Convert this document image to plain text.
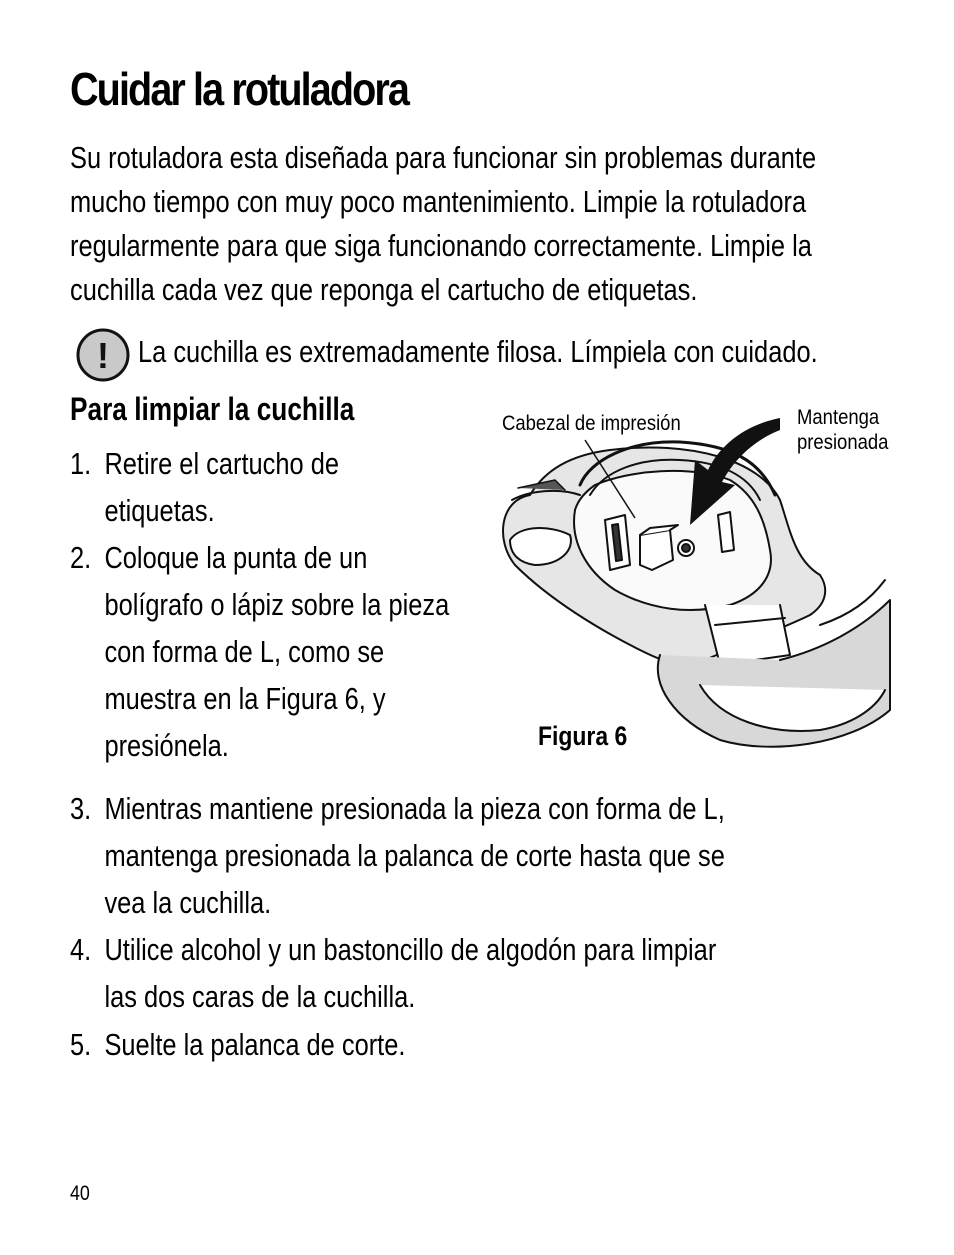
Cuidar la rotuladora
Su rotuladora esta diseñada para funcionar sin problemas durante
mucho tiempo con muy poco mantenimiento. Limpie la rotuladora
regularmente para que siga funcionando correctamente. Limpie la
cuchilla cada vez que reponga el cartucho de etiquetas.
! La cuchilla es extremadamente filosa. Límpiela con cuidado.
Para limpiar la cuchilla
1. Retire el cartucho de
etiquetas.
2. Coloque la punta de un
bolígrafo o lápiz sobre la pieza
con forma de L, como se
muestra en la Figura 6, y
presiónela.
3. Mientras mantiene presionada la pieza con forma de L,
mantenga presionada la palanca de corte hasta que se
vea la cuchilla.
4. Utilice alcohol y un bastoncillo de algodón para limpiar
las dos caras de la cuchilla.
5. Suelte la palanca de corte.
Cabezal de impresión	Mantenga
presionada
Figura 6
40
